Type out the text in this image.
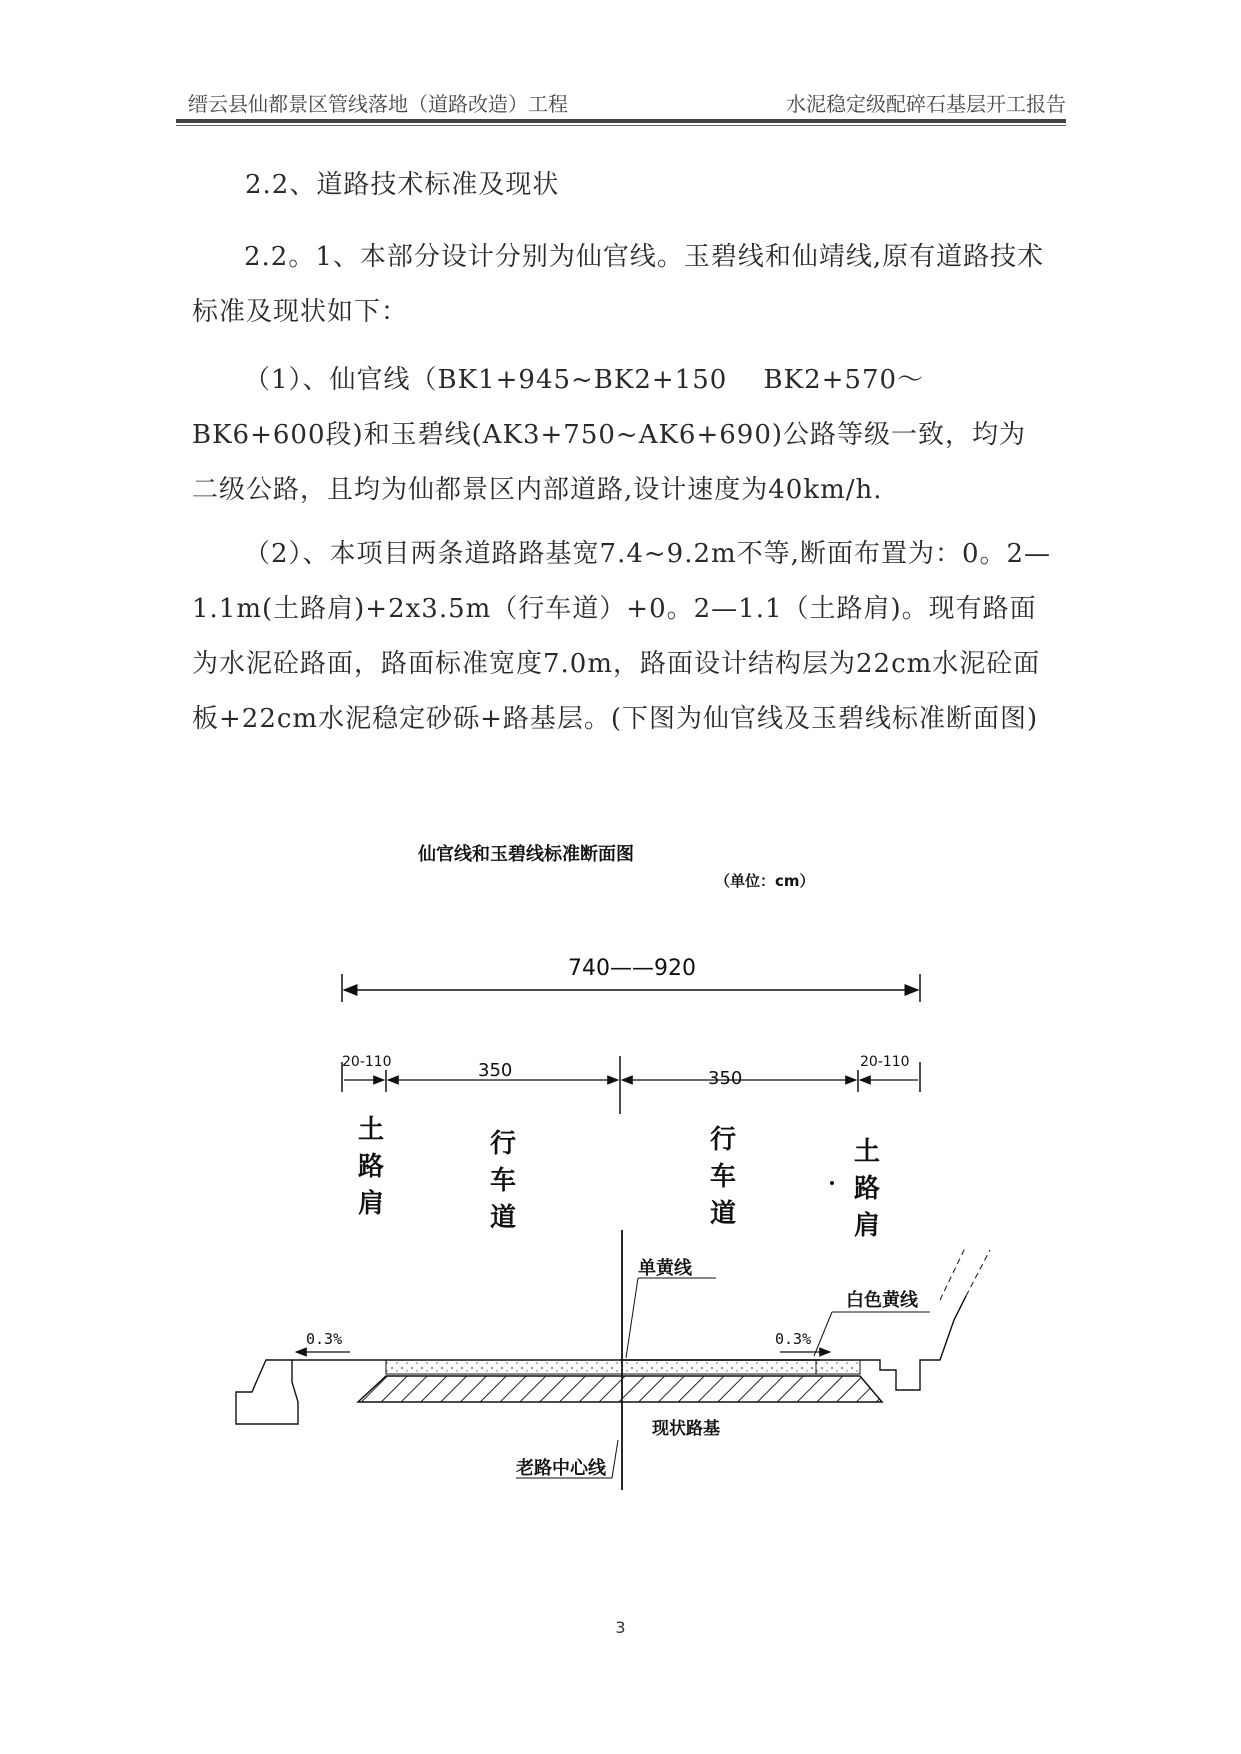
缙云县仙都景区管线落地（道路改造）工程	水泥稳定级配碎石基层开工报告

2.2、道路技术标准及现状

2.2。1、本部分设计分别为仙官线。玉碧线和仙靖线,原有道路技术标准及现状如下：

（1）、仙官线（BK1+945~BK2+150　 BK2+570～BK6+600段)和玉碧线(AK3+750~AK6+690)公路等级一致，均为二级公路，且均为仙都景区内部道路,设计速度为40km/h.

（2）、本项目两条道路路基宽7.4~9.2m不等,断面布置为：0。2—1.1m(土路肩)+2x3.5m（行车道）+0。2—1.1（土路肩)。现有路面为水泥砼路面，路面标准宽度7.0m，路面设计结构层为22cm水泥砼面板+22cm水泥稳定砂砾+路基层。(下图为仙官线及玉碧线标准断面图)

仙官线和玉碧线标准断面图
（单位：cm）
740——920
20-110	350	350
20-110
土
路
肩
行
车
道
行
车
道
土
路
肩
0.3%	0.3%
单黄线
白色黄线
现状路基
老路中心线
3
